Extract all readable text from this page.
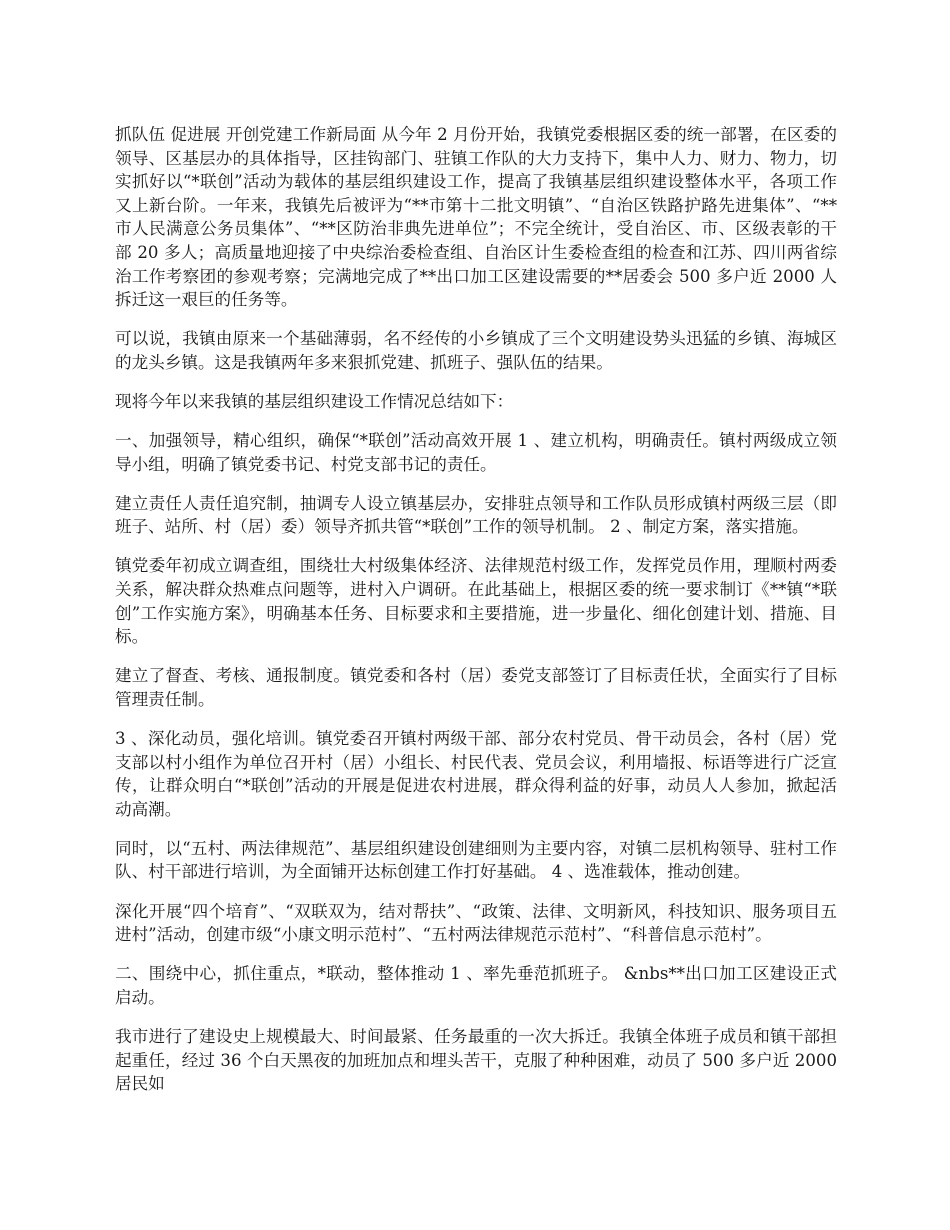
抓队伍 促进展 开创党建工作新局面 从今年 2 月份开始，我镇党委根据区委的统一部署，在区委的领导、区基层办的具体指导，区挂钩部门、驻镇工作队的大力支持下，集中人力、财力、物力，切实抓好以“*联创”活动为载体的基层组织建设工作，提高了我镇基层组织建设整体水平，各项工作又上新台阶。一年来，我镇先后被评为“**市第十二批文明镇”、“自治区铁路护路先进集体”、“**市人民满意公务员集体”、“**区防治非典先进单位”；不完全统计，受自治区、市、区级表彰的干部 20 多人；高质量地迎接了中央综治委检查组、自治区计生委检查组的检查和江苏、四川两省综治工作考察团的参观考察；完满地完成了**出口加工区建设需要的**居委会 500 多户近 2000 人拆迁这一艰巨的任务等。

可以说，我镇由原来一个基础薄弱，名不经传的小乡镇成了三个文明建设势头迅猛的乡镇、海城区的龙头乡镇。这是我镇两年多来狠抓党建、抓班子、强队伍的结果。

现将今年以来我镇的基层组织建设工作情况总结如下：

一、加强领导，精心组织，确保“*联创”活动高效开展 1 、建立机构，明确责任。镇村两级成立领导小组，明确了镇党委书记、村党支部书记的责任。

建立责任人责任追究制，抽调专人设立镇基层办，安排驻点领导和工作队员形成镇村两级三层（即班子、站所、村（居）委）领导齐抓共管“*联创”工作的领导机制。 2 、制定方案，落实措施。

镇党委年初成立调查组，围绕壮大村级集体经济、法律规范村级工作，发挥党员作用，理顺村两委关系，解决群众热难点问题等，进村入户调研。在此基础上，根据区委的统一要求制订《**镇“*联创”工作实施方案》，明确基本任务、目标要求和主要措施，进一步量化、细化创建计划、措施、目标。

建立了督查、考核、通报制度。镇党委和各村（居）委党支部签订了目标责任状，全面实行了目标管理责任制。

3 、深化动员，强化培训。镇党委召开镇村两级干部、部分农村党员、骨干动员会，各村（居）党支部以村小组作为单位召开村（居）小组长、村民代表、党员会议，利用墙报、标语等进行广泛宣传，让群众明白“*联创”活动的开展是促进农村进展，群众得利益的好事，动员人人参加，掀起活动高潮。

同时，以“五村、两法律规范”、基层组织建设创建细则为主要内容，对镇二层机构领导、驻村工作队、村干部进行培训，为全面铺开达标创建工作打好基础。 4 、选准载体，推动创建。

深化开展“四个培育”、“双联双为，结对帮扶”、“政策、法律、文明新风，科技知识、服务项目五进村”活动，创建市级“小康文明示范村”、“五村两法律规范示范村”、“科普信息示范村”。

二、围绕中心，抓住重点，*联动，整体推动 1 、率先垂范抓班子。 &nbs**出口加工区建设正式启动。

我市进行了建设史上规模最大、时间最紧、任务最重的一次大拆迁。我镇全体班子成员和镇干部担起重任，经过 36 个白天黑夜的加班加点和埋头苦干，克服了种种困难，动员了 500 多户近 2000 居民如
